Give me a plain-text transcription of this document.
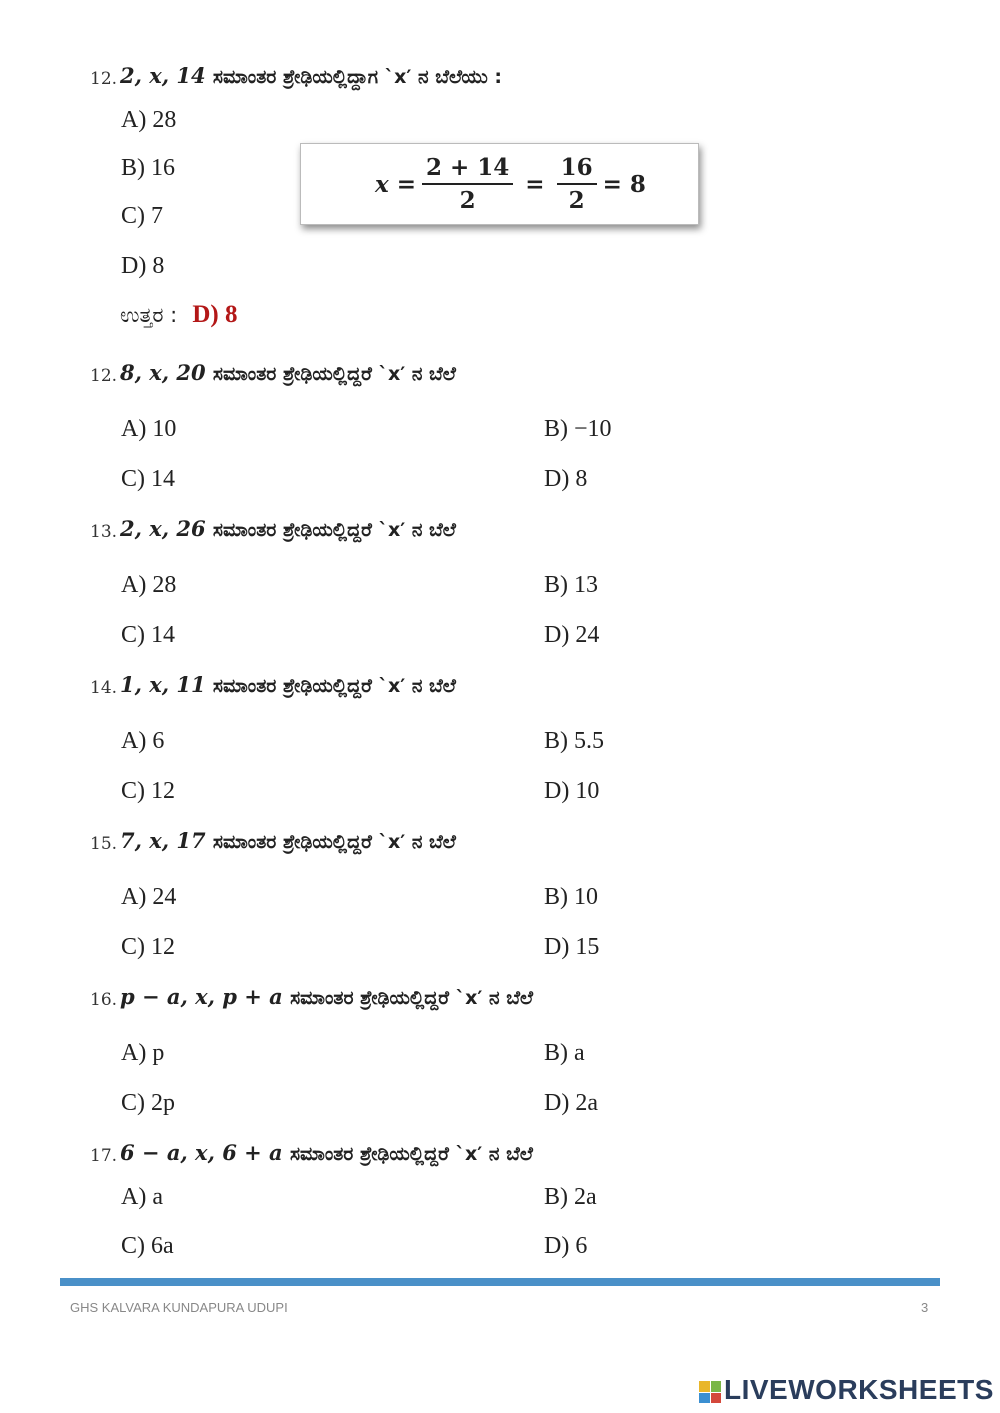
12. 2, x, 14 ಸಮಾಂತರ ಶ್ರೇಢಿಯಲ್ಲಿದ್ದಾಗ `x′ ನ ಬೆಲೆಯು :
A) 28
B) 16
C) 7
D) 8
ಉತ್ತರ : D) 8
$x = \frac{2 + 14}{2} = \frac{16}{2} = 8$
12. 8, x, 20 ಸಮಾಂತರ ಶ್ರೇಢಿಯಲ್ಲಿದ್ದರೆ `x′ ನ ಬೆಲೆ
A) 10	B) −10
C) 14	D) 8
13. 2, x, 26 ಸಮಾಂತರ ಶ್ರೇಢಿಯಲ್ಲಿದ್ದರೆ `x′ ನ ಬೆಲೆ
A) 28	B) 13
C) 14	D) 24
14. 1, x, 11 ಸಮಾಂತರ ಶ್ರೇಢಿಯಲ್ಲಿದ್ದರೆ `x′ ನ ಬೆಲೆ
A) 6	B) 5.5
C) 12	D) 10
15. 7, x, 17 ಸಮಾಂತರ ಶ್ರೇಢಿಯಲ್ಲಿದ್ದರೆ `x′ ನ ಬೆಲೆ
A) 24	B) 10
C) 12	D) 15
16. p − a, x, p + a ಸಮಾಂತರ ಶ್ರೇಢಿಯಲ್ಲಿದ್ದರೆ `x′ ನ ಬೆಲೆ
A) p	B) a
C) 2p	D) 2a
17. 6 − a, x, 6 + a ಸಮಾಂತರ ಶ್ರೇಢಿಯಲ್ಲಿದ್ದರೆ `x′ ನ ಬೆಲೆ
A) a	B) 2a
C) 6a	D) 6
GHS KALVARA KUNDAPURA UDUPI	3
LIVEWORKSHEETS
